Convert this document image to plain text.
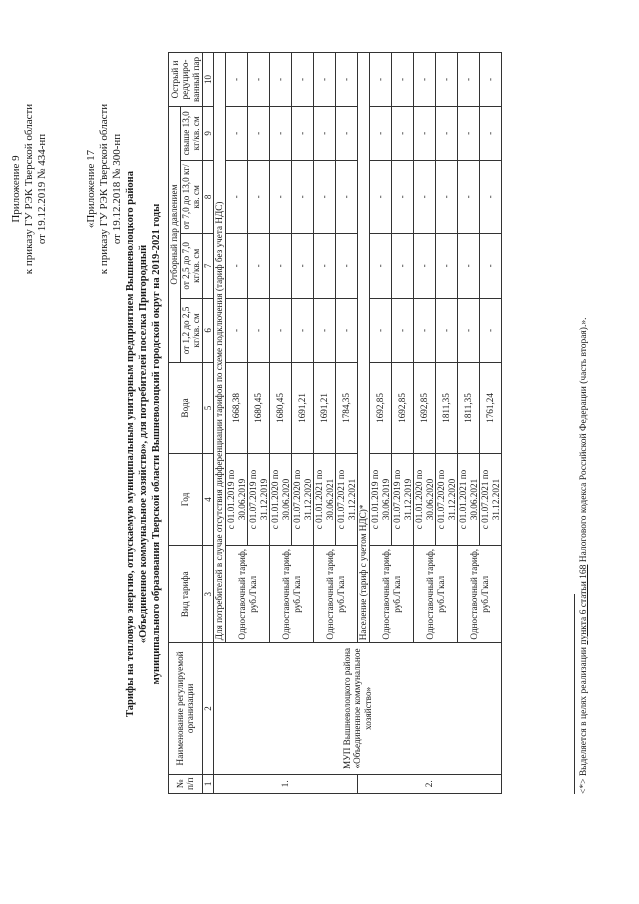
Приложение 9 к приказу ГУ РЭК Тверской области от 19.12.2019 № 434-нп	«Приложение 17 к приказу ГУ РЭК Тверской области от 19.12.2018 № 300-нп Тарифы на тепловую энергию, отпускаемую муниципальным унитарным предприятием Вышневолоцкого района «Объединенное коммунальное хозяйство», для потребителей поселка Пригородный муниципального образования Тверской области Вышневолоцкий городской округ на 2019-2021 годы
№ п/п	Наименование регулируемой организации	Вид тарифа	Год	Вода	Отборный пар давлением				Острый и редуциро-ванный пар
					от 1,2 до 2,5 кг/кв. см	от 2,5 до 7,0 кг/кв. см	от 7,0 до 13,0 кг/кв. см	свыше 13,0 кг/кв. см	
1	2	3	4	5	6	7	8	9	10
1.	МУП Вышневолоцкого района «Объединенное коммунальное хозяйство»	Для потребителей в случае отсутствия дифференциации тарифов по схеме подключения (тариф без учета НДС)							
		Одноставочный тариф, руб./Гкал	с 01.01.2019 по 30.06.2019	1668,38	-	-	-	-	-
			с 01.07.2019 по 31.12.2019	1680,45	-	-	-	-	-
		Одноставочный тариф, руб./Гкал	с 01.01.2020 по 30.06.2020	1680,45	-	-	-	-	-
			с 01.07.2020 по 31.12.2020	1691,21	-	-	-	-	-
		Одноставочный тариф, руб./Гкал	с 01.01.2021 по 30.06.2021	1691,21	-	-	-	-	-
			с 01.07.2021 по 31.12.2021	1784,35	-	-	-	-	-
2.		Население (тариф с учетом НДС)*							
		Одноставочный тариф, руб./Гкал	с 01.01.2019 по 30.06.2019	1692,85	-	-	-	-	-
			с 01.07.2019 по 31.12.2019	1692,85	-	-	-	-	-
		Одноставочный тариф, руб./Гкал	с 01.01.2020 по 30.06.2020	1692,85	-	-	-	-	-
			с 01.07.2020 по 31.12.2020	1811,35	-	-	-	-	-
		Одноставочный тариф, руб./Гкал	с 01.01.2021 по 30.06.2021	1811,35	-	-	-	-	-
			с 01.07.2021 по 31.12.2021	1761,24	-	-	-	-	-
<*> Выделяется в целях реализации пункта 6 статьи 168 Налогового кодекса Российской Федерации (часть вторая).».
